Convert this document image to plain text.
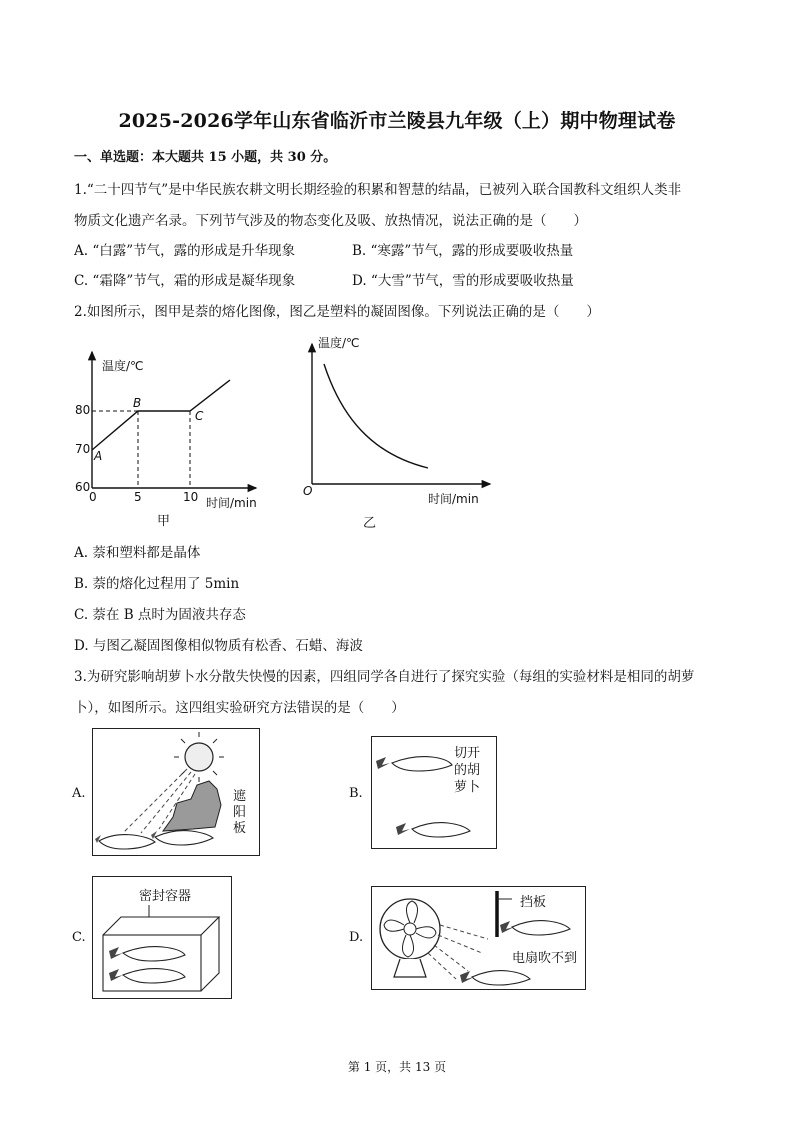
2025-2026学年山东省临沂市兰陵县九年级（上）期中物理试卷
一、单选题：本大题共 15 小题，共 30 分。
1.“二十四节气”是中华民族农耕文明长期经验的积累和智慧的结晶，已被列入联合国教科文组织人类非
物质文化遗产名录。下列节气涉及的物态变化及吸、放热情况，说法正确的是（　　）
A. “白露”节气，露的形成是升华现象	B. “寒露”节气，露的形成要吸收热量
C. “霜降”节气，霜的形成是凝华现象	D. “大雪”节气，雪的形成要吸收热量
2.如图所示，图甲是萘的熔化图像，图乙是塑料的凝固图像。下列说法正确的是（　　）
温度/℃
80
70
60
0	5	10 时间/min
A
B
C
甲
温度/℃
O
时间/min
乙
A. 萘和塑料都是晶体
B. 萘的熔化过程用了 5min
C. 萘在 B 点时为固液共存态
D. 与图乙凝固图像相似物质有松香、石蜡、海波
3.为研究影响胡萝卜水分散失快慢的因素，四组同学各自进行了探究实验（每组的实验材料是相同的胡萝
卜），如图所示。这四组实验研究方法错误的是（　　）
A.	遮
阳
板
B.
切开
的胡
萝卜
C.
密封容器
D.
挡板
电扇吹不到
第 1 页，共 13 页
